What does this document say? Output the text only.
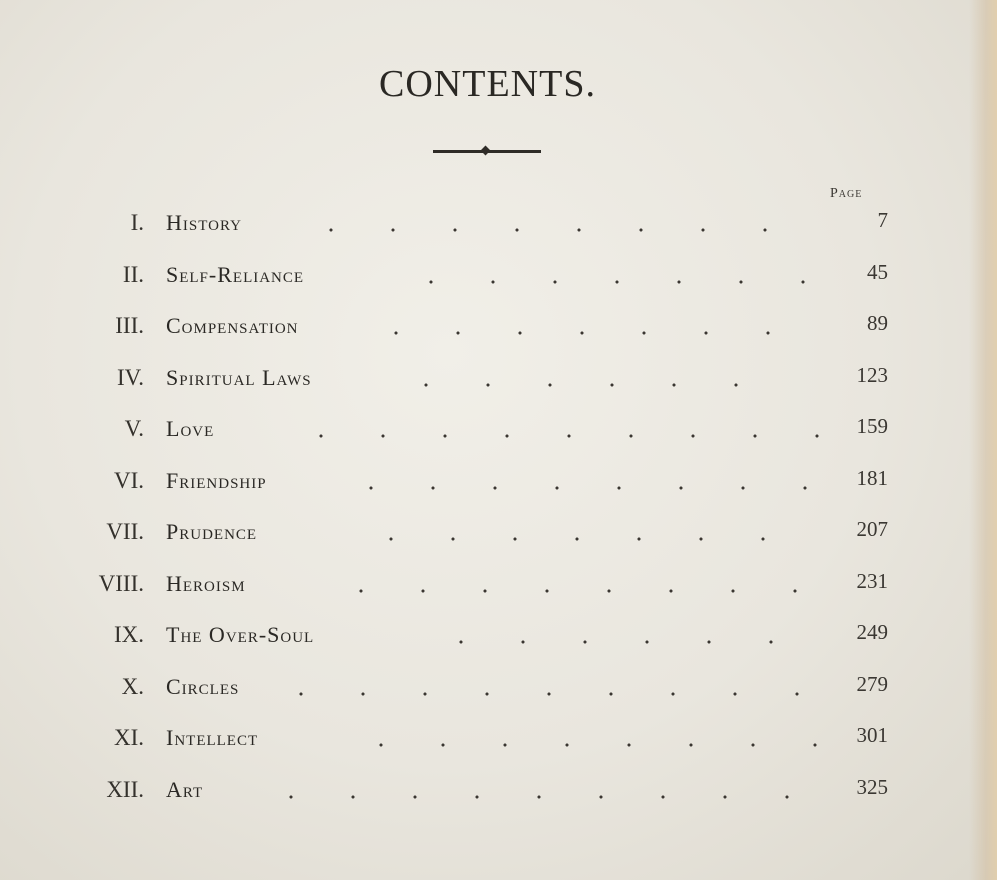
CONTENTS.
Page
I. History	7
II. Self-Reliance	45
III. Compensation	89
IV. Spiritual Laws	123
V. Love	159
VI. Friendship	181
VII. Prudence	207
VIII. Heroism	231
IX. The Over-Soul	249
X. Circles	279
XI. Intellect	301
XII. Art	325
